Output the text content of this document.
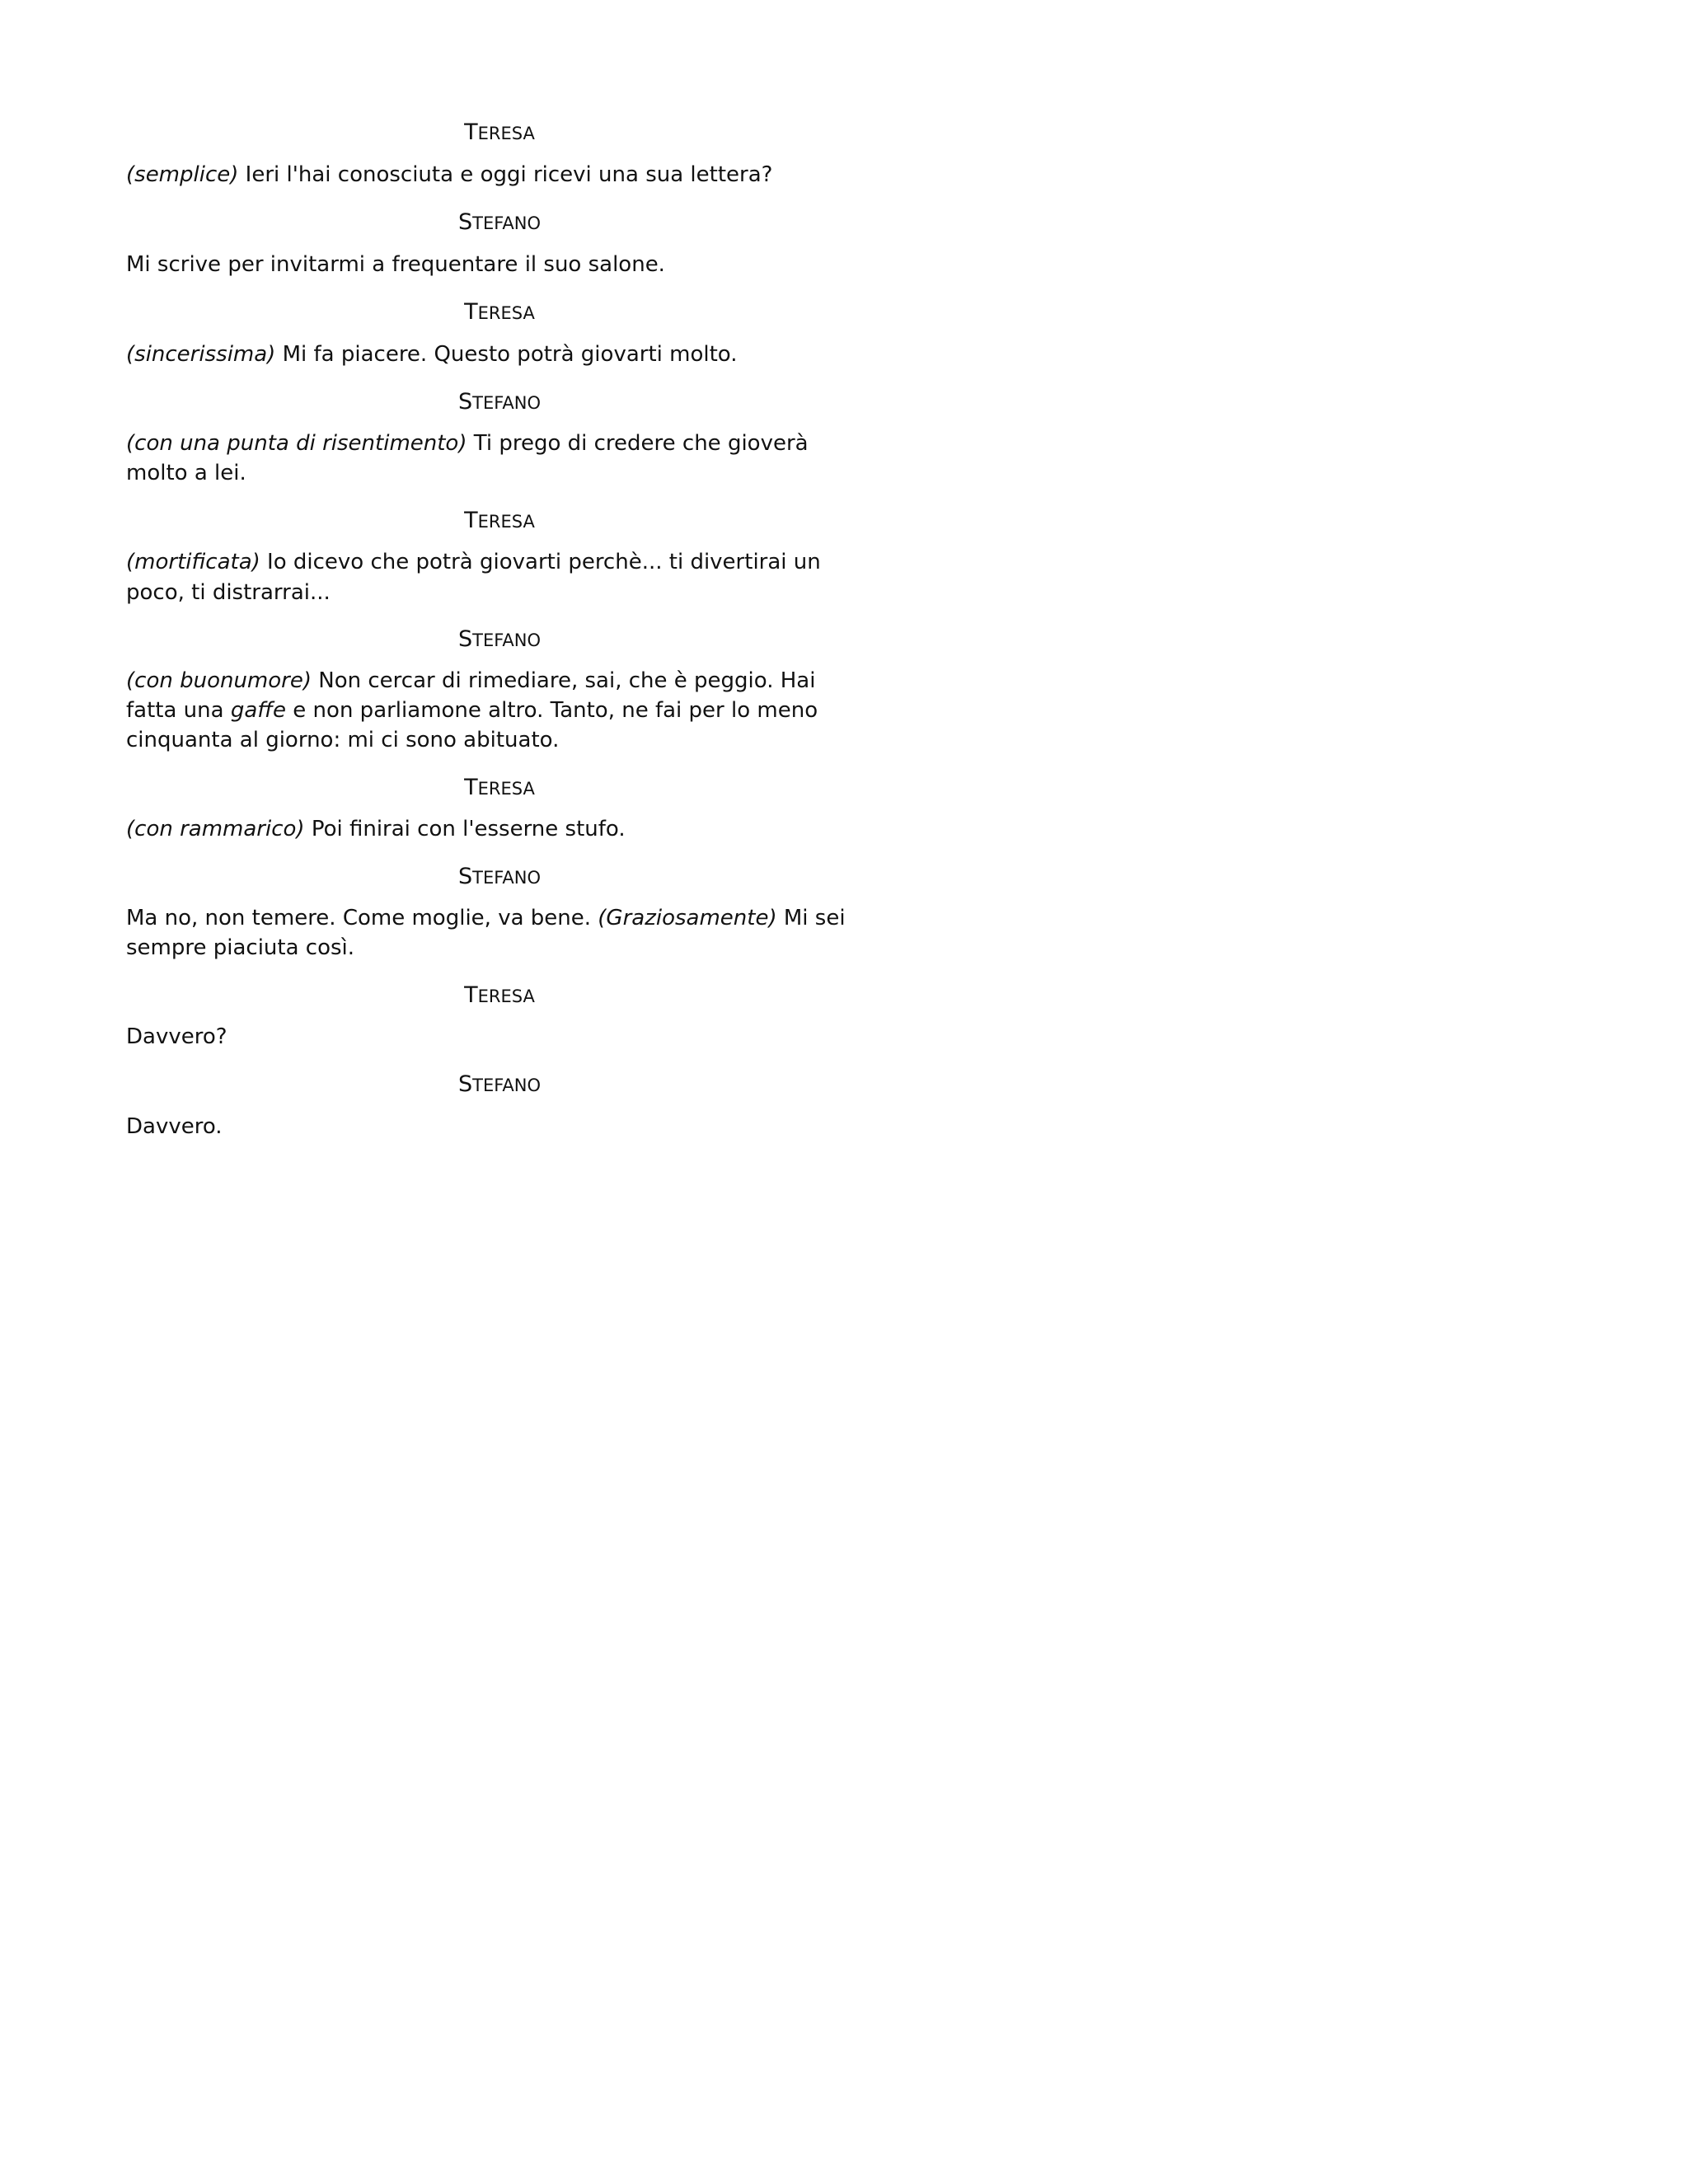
TERESA
(semplice) Ieri l'hai conosciuta e oggi ricevi una sua lettera?
STEFANO
Mi scrive per invitarmi a frequentare il suo salone.
TERESA
(sincerissima) Mi fa piacere. Questo potrà giovarti molto.
STEFANO
(con una punta di risentimento) Ti prego di credere che gioverà
molto a lei.
TERESA
(mortificata) Io dicevo che potrà giovarti perchè... ti divertirai un
poco, ti distrarrai...
STEFANO
(con buonumore) Non cercar di rimediare, sai, che è peggio. Hai
fatta una gaffe e non parliamone altro. Tanto, ne fai per lo meno
cinquanta al giorno: mi ci sono abituato.
TERESA
(con rammarico) Poi finirai con l'esserne stufo.
STEFANO
Ma no, non temere. Come moglie, va bene. (Graziosamente) Mi sei
sempre piaciuta così.
TERESA
Davvero?
STEFANO
Davvero.
